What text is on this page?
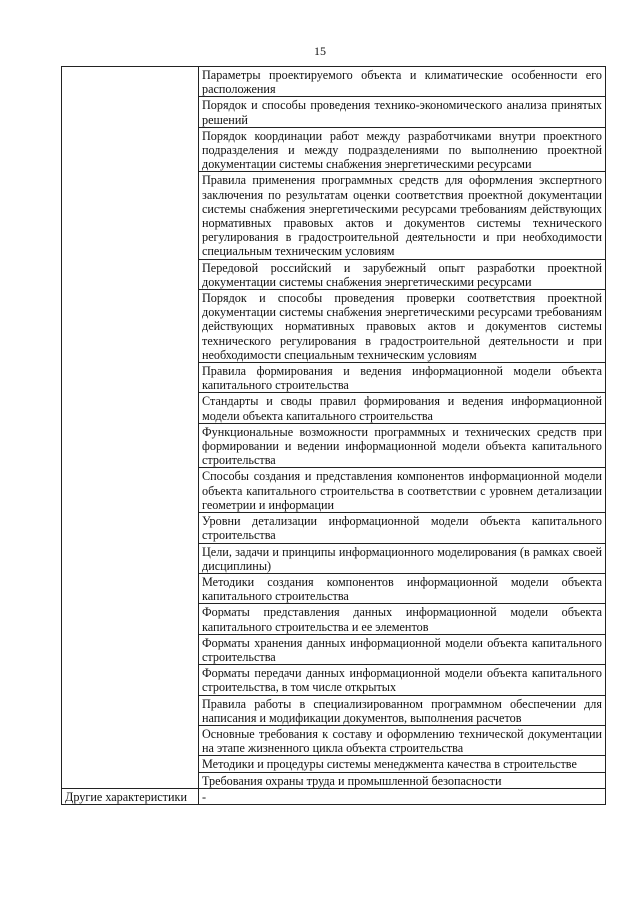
15
	Параметры проектируемого объекта и климатические особенности его расположения
	Порядок и способы проведения технико-экономического анализа принятых решений
	Порядок координации работ между разработчиками внутри проектного подразделения и между подразделениями по выполнению проектной документации системы снабжения энергетическими ресурсами
	Правила применения программных средств для оформления экспертного заключения по результатам оценки соответствия проектной документации системы снабжения энергетическими ресурсами требованиям действующих нормативных правовых актов и документов системы технического регулирования в градостроительной деятельности и при необходимости специальным техническим условиям
	Передовой российский и зарубежный опыт разработки проектной документации системы снабжения энергетическими ресурсами
	Порядок и способы проведения проверки соответствия проектной документации системы снабжения энергетическими ресурсами требованиям действующих нормативных правовых актов и документов системы технического регулирования в градостроительной деятельности и при необходимости специальным техническим условиям
	Правила формирования и ведения информационной модели объекта капитального строительства
	Стандарты и своды правил формирования и ведения информационной модели объекта капитального строительства
	Функциональные возможности программных и технических средств при формировании и ведении информационной модели объекта капитального строительства
	Способы создания и представления компонентов информационной модели объекта капитального строительства в соответствии с уровнем детализации геометрии и информации
	Уровни детализации информационной модели объекта капитального строительства
	Цели, задачи и принципы информационного моделирования (в рамках своей дисциплины)
	Методики создания компонентов информационной модели объекта капитального строительства
	Форматы представления данных информационной модели объекта капитального строительства и ее элементов
	Форматы хранения данных информационной модели объекта капитального строительства
	Форматы передачи данных информационной модели объекта капитального строительства, в том числе открытых
	Правила работы в специализированном программном обеспечении для написания и модификации документов, выполнения расчетов
	Основные требования к составу и оформлению технической документации на этапе жизненного цикла объекта строительства
	Методики и процедуры системы менеджмента качества в строительстве
	Требования охраны труда и промышленной безопасности
Другие характеристики	-
